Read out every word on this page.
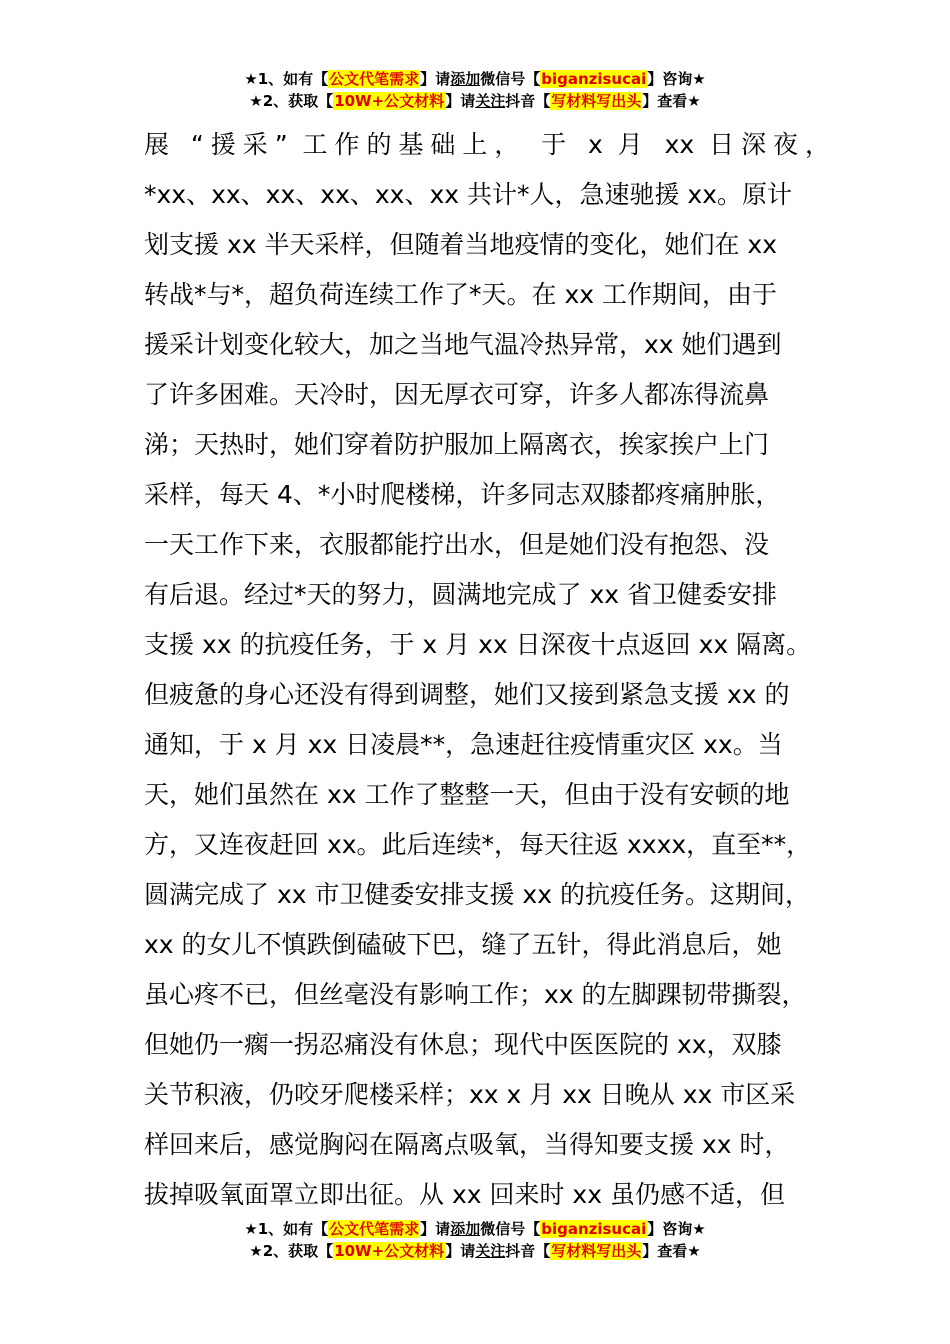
★1、如有【公文代笔需求】请添加微信号【biganzisucai】咨询★
★2、获取【10W+公文材料】请关注抖音【写材料写出头】查看★
展 “援采” 工作的基础上， 于 x 月 xx 日深夜，
*xx、xx、xx、xx、xx、xx 共计*人，急速驰援 xx。原计
划支援 xx 半天采样，但随着当地疫情的变化，她们在 xx
转战*与*，超负荷连续工作了*天。在 xx 工作期间，由于
援采计划变化较大，加之当地气温冷热异常，xx 她们遇到
了许多困难。天冷时，因无厚衣可穿，许多人都冻得流鼻
涕；天热时，她们穿着防护服加上隔离衣，挨家挨户上门
采样，每天 4、*小时爬楼梯，许多同志双膝都疼痛肿胀，
一天工作下来，衣服都能拧出水，但是她们没有抱怨、没
有后退。经过*天的努力，圆满地完成了 xx 省卫健委安排
支援 xx 的抗疫任务，于 x 月 xx 日深夜十点返回 xx 隔离。
但疲惫的身心还没有得到调整，她们又接到紧急支援 xx 的
通知，于 x 月 xx 日凌晨**，急速赶往疫情重灾区 xx。当
天，她们虽然在 xx 工作了整整一天，但由于没有安顿的地
方，又连夜赶回 xx。此后连续*，每天往返 xxxx，直至**，
圆满完成了 xx 市卫健委安排支援 xx 的抗疫任务。这期间，
xx 的女儿不慎跌倒磕破下巴，缝了五针，得此消息后，她
虽心疼不已，但丝毫没有影响工作；xx 的左脚踝韧带撕裂，
但她仍一瘸一拐忍痛没有休息；现代中医医院的 xx，双膝
关节积液，仍咬牙爬楼采样；xx x 月 xx 日晚从 xx 市区采
样回来后，感觉胸闷在隔离点吸氧，当得知要支援 xx 时，
拔掉吸氧面罩立即出征。从 xx 回来时 xx 虽仍感不适，但
★1、如有【公文代笔需求】请添加微信号【biganzisucai】咨询★
★2、获取【10W+公文材料】请关注抖音【写材料写出头】查看★
